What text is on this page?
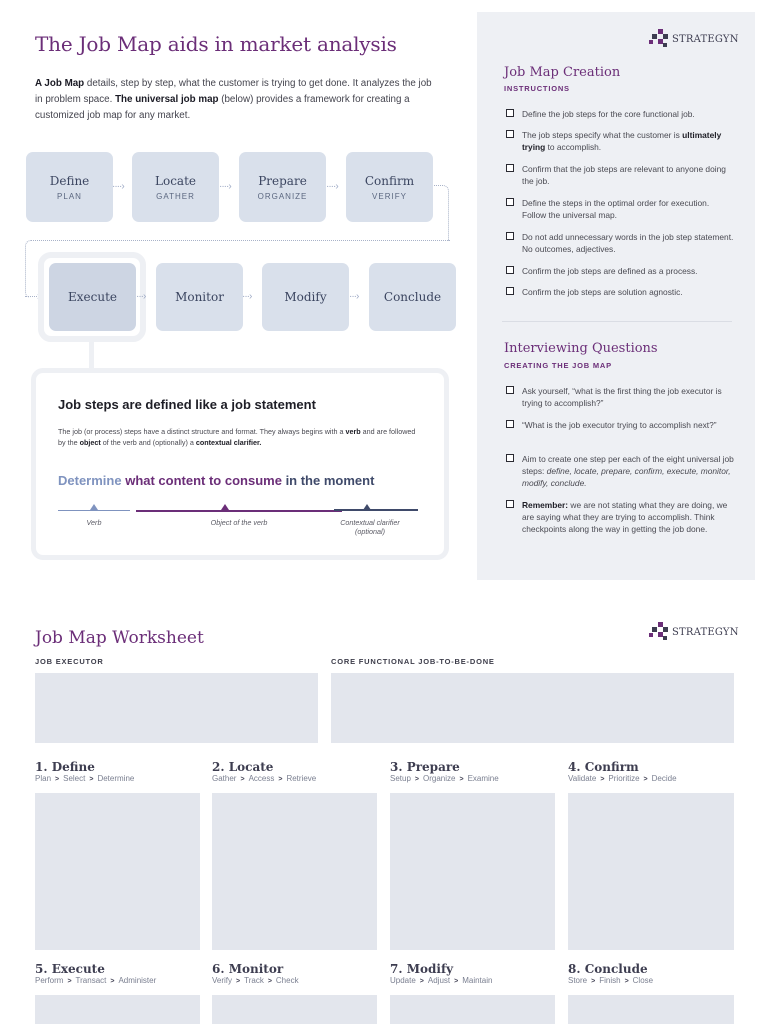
The Job Map aids in market analysis
A Job Map details, step by step, what the customer is trying to get done. It analyzes the job in problem space. The universal job map (below) provides a framework for creating a customized job map for any market.
Define
PLAN
Locate
GATHER
Prepare
ORGANIZE
Confirm
VERIFY
····›	····›	····›
› Execute	Monitor	Modify	Conclude
···›	···›	···›
Job steps are defined like a job statement
The job (or process) steps have a distinct structure and format. They always begins with a verb and are followed by the object of the verb and (optionally) a contextual clarifier.
Determine what content to consume in the moment
Verb	Object of the verb	Contextual clarifier
(optional)
STRATEGYN
Job Map Creation
INSTRUCTIONS
Define the job steps for the core functional job.
The job steps specify what the customer is ultimately trying to accomplish.
Confirm that the job steps are relevant to anyone doing the job.
Define the steps in the optimal order for execution. Follow the universal map.
Do not add unnecessary words in the job step statement. No outcomes, adjectives.
Confirm the job steps are defined as a process.
Confirm the job steps are solution agnostic.
Interviewing Questions
CREATING THE JOB MAP
Ask yourself, “what is the first thing the job executor is trying to accomplish?”
“What is the job executor trying to accomplish next?”
Aim to create one step per each of the eight universal job steps: define, locate, prepare, confirm, execute, monitor, modify, conclude.
Remember: we are not stating what they are doing, we are saying what they are trying to accomplish. Think checkpoints along the way in getting the job done.
Job Map Worksheet	STRATEGYN
JOB EXECUTOR	CORE FUNCTIONAL JOB-TO-BE-DONE
1. Define
Plan > Select > Determine
2. Locate
Gather > Access > Retrieve
3. Prepare
Setup > Organize > Examine
4. Confirm
Validate > Prioritize > Decide
5. Execute
Perform > Transact > Administer
6. Monitor
Verify > Track > Check
7. Modify
Update > Adjust > Maintain
8. Conclude
Store > Finish > Close
